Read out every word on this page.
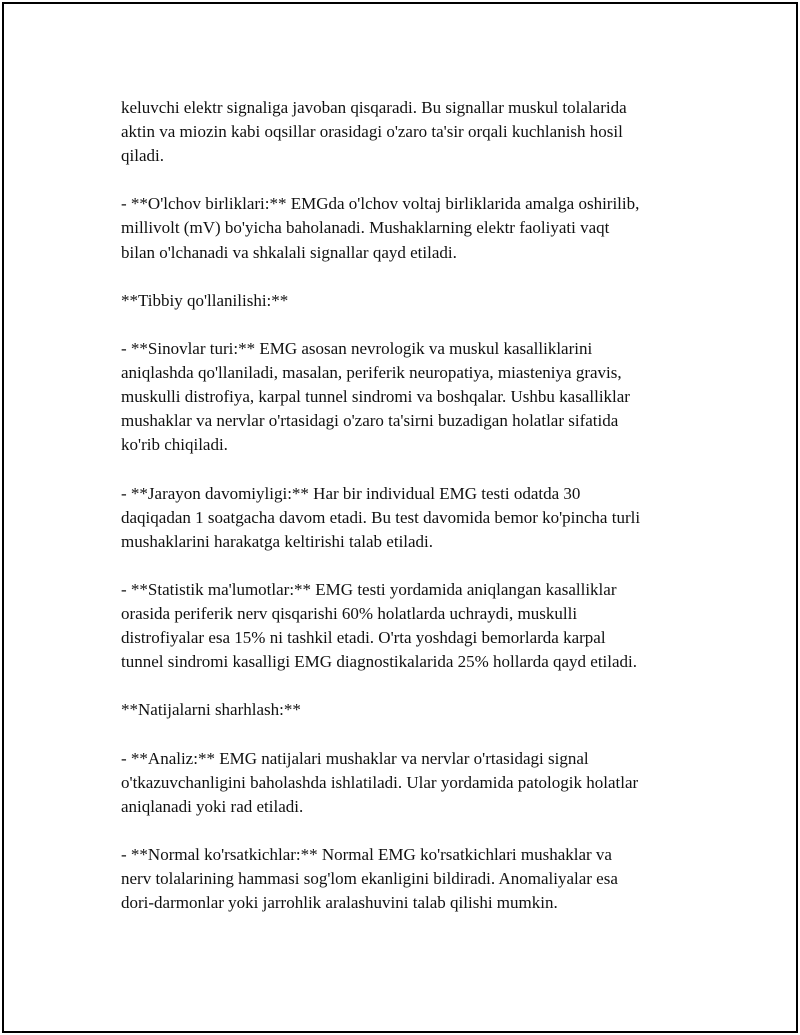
keluvchi elektr signaliga javoban qisqaradi. Bu signallar muskul tolalarida
aktin va miozin kabi oqsillar orasidagi o'zaro ta'sir orqali kuchlanish hosil
qiladi.

- **O'lchov birliklari:** EMGda o'lchov voltaj birliklarida amalga oshirilib,
millivolt (mV) bo'yicha baholanadi. Mushaklarning elektr faoliyati vaqt
bilan o'lchanadi va shkalali signallar qayd etiladi.

**Tibbiy qo'llanilishi:**

- **Sinovlar turi:** EMG asosan nevrologik va muskul kasalliklarini
aniqlashda qo'llaniladi, masalan, periferik neuropatiya, miasteniya gravis,
muskulli distrofiya, karpal tunnel sindromi va boshqalar. Ushbu kasalliklar
mushaklar va nervlar o'rtasidagi o'zaro ta'sirni buzadigan holatlar sifatida
ko'rib chiqiladi.

- **Jarayon davomiyligi:** Har bir individual EMG testi odatda 30
daqiqadan 1 soatgacha davom etadi. Bu test davomida bemor ko'pincha turli
mushaklarini harakatga keltirishi talab etiladi.

- **Statistik ma'lumotlar:** EMG testi yordamida aniqlangan kasalliklar
orasida periferik nerv qisqarishi 60% holatlarda uchraydi, muskulli
distrofiyalar esa 15% ni tashkil etadi. O'rta yoshdagi bemorlarda karpal
tunnel sindromi kasalligi EMG diagnostikalarida 25% hollarda qayd etiladi.

**Natijalarni sharhlash:**

- **Analiz:** EMG natijalari mushaklar va nervlar o'rtasidagi signal
o'tkazuvchanligini baholashda ishlatiladi. Ular yordamida patologik holatlar
aniqlanadi yoki rad etiladi.

- **Normal ko'rsatkichlar:** Normal EMG ko'rsatkichlari mushaklar va
nerv tolalarining hammasi sog'lom ekanligini bildiradi. Anomaliyalar esa
dori-darmonlar yoki jarrohlik aralashuvini talab qilishi mumkin.
